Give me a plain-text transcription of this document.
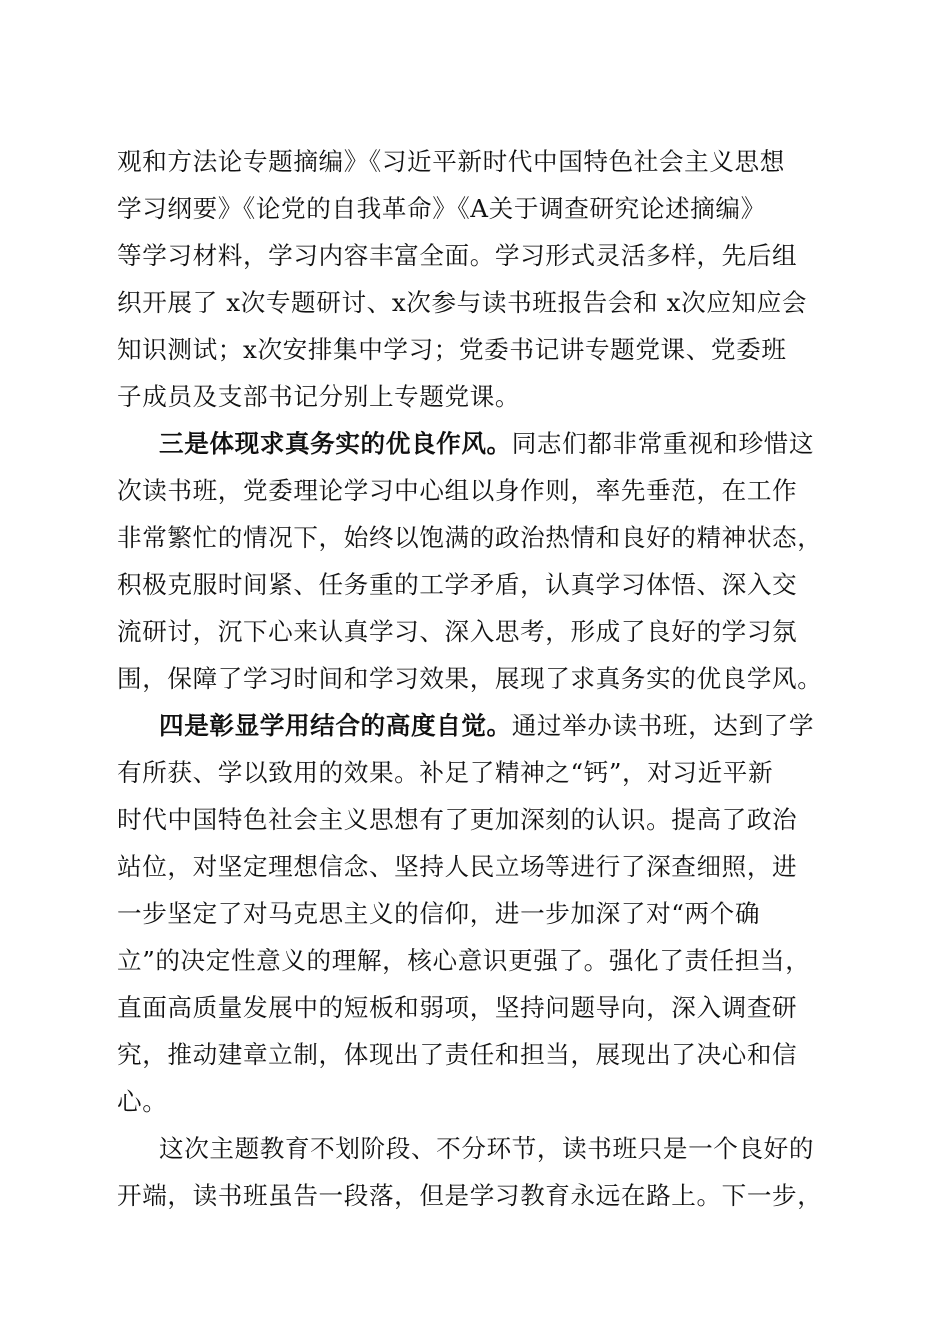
观和方法论专题摘编》《习近平新时代中国特色社会主义思想
学习纲要》《论党的自我革命》《A关于调查研究论述摘编》
等学习材料，学习内容丰富全面。学习形式灵活多样，先后组
织开展了 x次专题研讨、x次参与读书班报告会和 x次应知应会
知识测试；x次安排集中学习；党委书记讲专题党课、党委班
子成员及支部书记分别上专题党课。
三是体现求真务实的优良作风。同志们都非常重视和珍惜这
次读书班，党委理论学习中心组以身作则，率先垂范，在工作
非常繁忙的情况下，始终以饱满的政治热情和良好的精神状态，
积极克服时间紧、任务重的工学矛盾，认真学习体悟、深入交
流研讨，沉下心来认真学习、深入思考，形成了良好的学习氛
围，保障了学习时间和学习效果，展现了求真务实的优良学风。
四是彰显学用结合的高度自觉。通过举办读书班，达到了学
有所获、学以致用的效果。补足了精神之“钙”，对习近平新
时代中国特色社会主义思想有了更加深刻的认识。提高了政治
站位，对坚定理想信念、坚持人民立场等进行了深查细照，进
一步坚定了对马克思主义的信仰，进一步加深了对“两个确
立”的决定性意义的理解，核心意识更强了。强化了责任担当，
直面高质量发展中的短板和弱项，坚持问题导向，深入调查研
究，推动建章立制，体现出了责任和担当，展现出了决心和信
心。
这次主题教育不划阶段、不分环节，读书班只是一个良好的
开端，读书班虽告一段落，但是学习教育永远在路上。下一步，
